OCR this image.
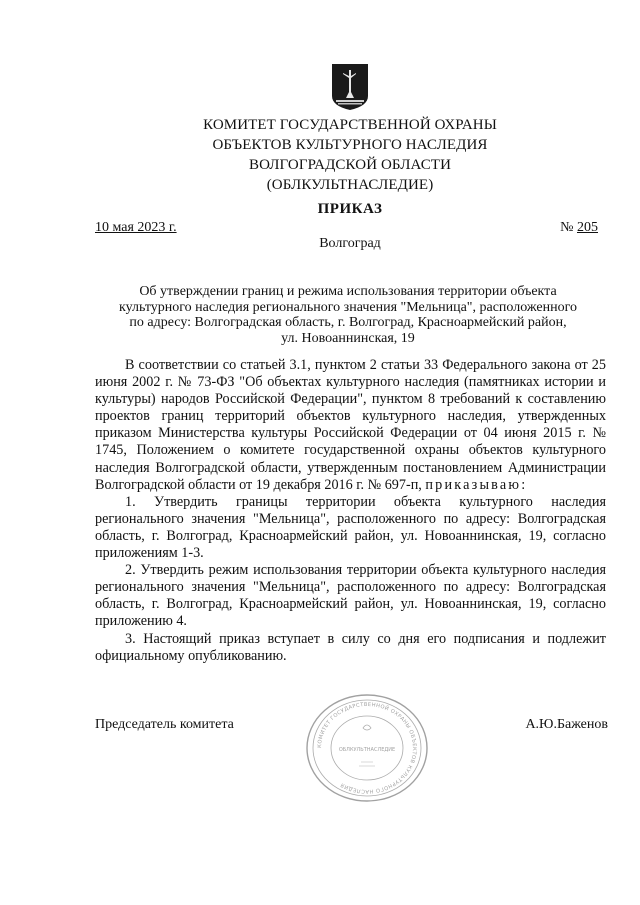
КОМИТЕТ ГОСУДАРСТВЕННОЙ ОХРАНЫ
ОБЪЕКТОВ КУЛЬТУРНОГО НАСЛЕДИЯ
ВОЛГОГРАДСКОЙ ОБЛАСТИ
(ОБЛКУЛЬТНАСЛЕДИЕ)
ПРИКАЗ
10 мая 2023 г.	№ 205
Волгоград
Об утверждении границ и режима использования территории объекта
культурного наследия регионального значения "Мельница", расположенного
по адресу: Волгоградская область, г. Волгоград, Красноармейский район,
ул. Новоаннинская, 19

В соответствии со статьей 3.1, пунктом 2 статьи 33 Федерального закона от 25 июня 2002 г. № 73-ФЗ "Об объектах культурного наследия (памятниках истории и культуры) народов Российской Федерации", пунктом 8 требований к составлению проектов границ территорий объектов культурного наследия, утвержденных приказом Министерства культуры Российской Федерации от 04 июня 2015 г. № 1745, Положением о комитете государственной охраны объектов культурного наследия Волгоградской области, утвержденным постановлением Администрации Волгоградской области от 19 декабря 2016 г. № 697-п, приказываю:

1. Утвердить границы территории объекта культурного наследия регионального значения "Мельница", расположенного по адресу: Волгоградская область, г. Волгоград, Красноармейский район, ул. Новоаннинская, 19, согласно приложениям 1-3.

2. Утвердить режим использования территории объекта культурного наследия регионального значения "Мельница", расположенного по адресу: Волгоградская область, г. Волгоград, Красноармейский район, ул. Новоаннинская, 19, согласно приложению 4.

3. Настоящий приказ вступает в силу со дня его подписания и подлежит официальному опубликованию.

Председатель комитета	А.Ю.Баженов
КОМИТЕТ ГОСУДАРСТВЕННОЙ ОХРАНЫ ОБЪЕКТОВ КУЛЬТУРНОГО НАСЛЕДИЯ
ОБЛКУЛЬТНАСЛЕДИЕ
